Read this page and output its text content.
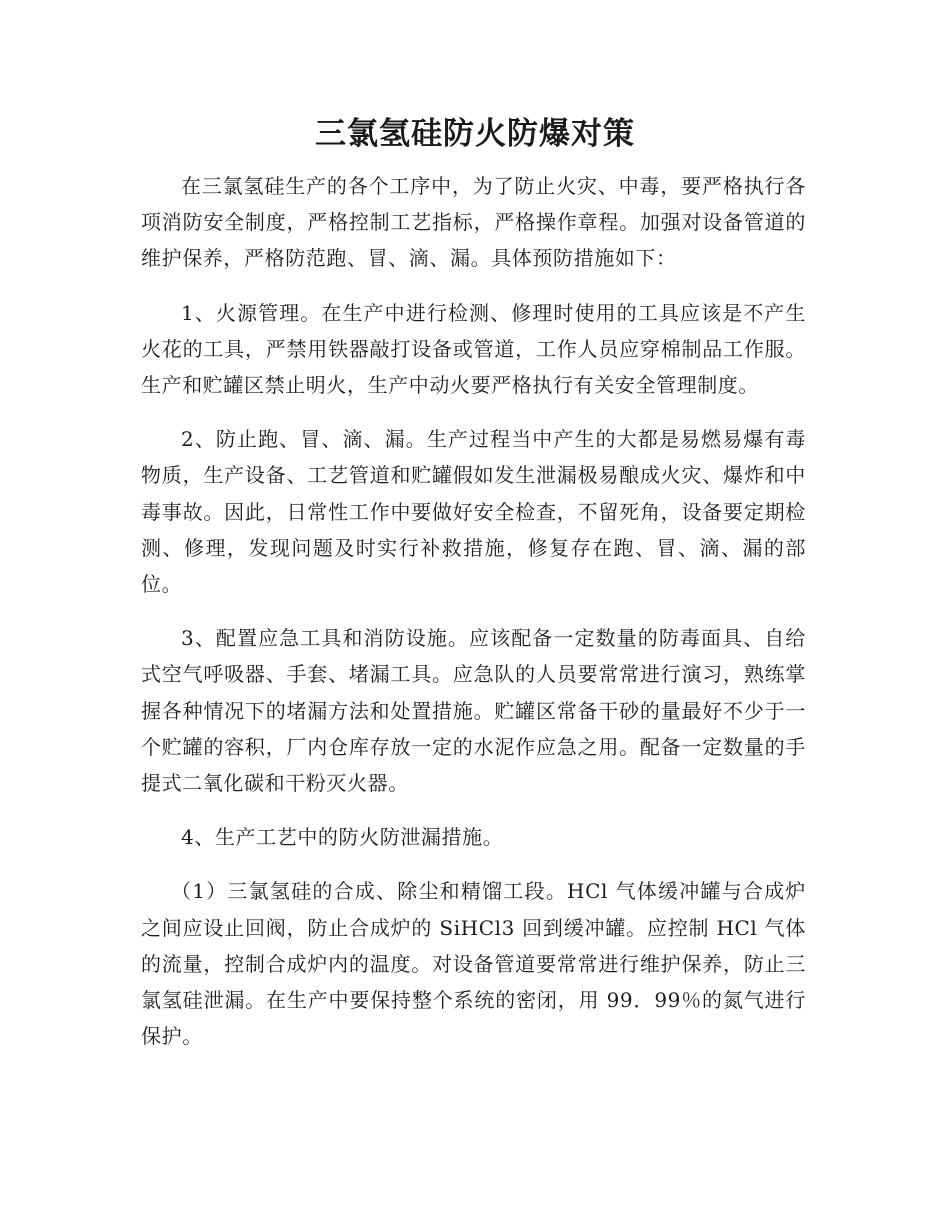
三氯氢硅防火防爆对策

在三氯氢硅生产的各个工序中，为了防止火灾、中毒，要严格执行各项消防安全制度，严格控制工艺指标，严格操作章程。加强对设备管道的维护保养，严格防范跑、冒、滴、漏。具体预防措施如下：

1、火源管理。在生产中进行检测、修理时使用的工具应该是不产生火花的工具，严禁用铁器敲打设备或管道，工作人员应穿棉制品工作服。生产和贮罐区禁止明火，生产中动火要严格执行有关安全管理制度。

2、防止跑、冒、滴、漏。生产过程当中产生的大都是易燃易爆有毒物质，生产设备、工艺管道和贮罐假如发生泄漏极易酿成火灾、爆炸和中毒事故。因此，日常性工作中要做好安全检查，不留死角，设备要定期检测、修理，发现问题及时实行补救措施，修复存在跑、冒、滴、漏的部位。

3、配置应急工具和消防设施。应该配备一定数量的防毒面具、自给式空气呼吸器、手套、堵漏工具。应急队的人员要常常进行演习，熟练掌握各种情况下的堵漏方法和处置措施。贮罐区常备干砂的量最好不少于一个贮罐的容积，厂内仓库存放一定的水泥作应急之用。配备一定数量的手提式二氧化碳和干粉灭火器。

4、生产工艺中的防火防泄漏措施。

（1）三氯氢硅的合成、除尘和精馏工段。HCl 气体缓冲罐与合成炉之间应设止回阀，防止合成炉的 SiHCl3 回到缓冲罐。应控制 HCl 气体的流量，控制合成炉内的温度。对设备管道要常常进行维护保养，防止三氯氢硅泄漏。在生产中要保持整个系统的密闭，用 99．99％的氮气进行保护。
